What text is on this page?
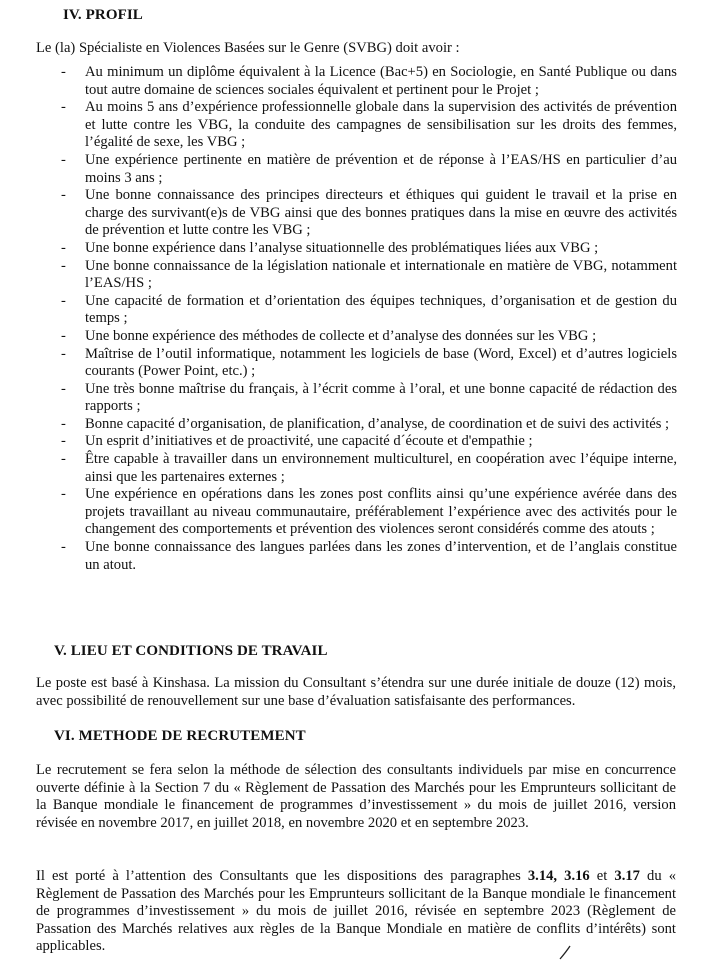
IV. PROFIL
Le (la) Spécialiste en Violences Basées sur le Genre (SVBG) doit avoir :
- Au minimum un diplôme équivalent à la Licence (Bac+5) en Sociologie, en Santé Publique ou dans tout autre domaine de sciences sociales équivalent et pertinent pour le Projet ;
- Au moins 5 ans d’expérience professionnelle globale dans la supervision des activités de prévention et lutte contre les VBG, la conduite des campagnes de sensibilisation sur les droits des femmes, l’égalité de sexe, les VBG ;
- Une expérience pertinente en matière de prévention et de réponse à l’EAS/HS en particulier d’au moins 3 ans ;
- Une bonne connaissance des principes directeurs et éthiques qui guident le travail et la prise en charge des survivant(e)s de VBG ainsi que des bonnes pratiques dans la mise en œuvre des activités de prévention et lutte contre les VBG ;
- Une bonne expérience dans l’analyse situationnelle des problématiques liées aux VBG ;
- Une bonne connaissance de la législation nationale et internationale en matière de VBG, notamment l’EAS/HS ;
- Une capacité de formation et d’orientation des équipes techniques, d’organisation et de gestion du temps ;
- Une bonne expérience des méthodes de collecte et d’analyse des données sur les VBG ;
- Maîtrise de l’outil informatique, notamment les logiciels de base (Word, Excel) et d’autres logiciels courants (Power Point, etc.) ;
- Une très bonne maîtrise du français, à l’écrit comme à l’oral, et une bonne capacité de rédaction des rapports ;
- Bonne capacité d’organisation, de planification, d’analyse, de coordination et de suivi des activités ;
- Un esprit d’initiatives et de proactivité, une capacité d´écoute et d'empathie ;
- Être capable à travailler dans un environnement multiculturel, en coopération avec l’équipe interne, ainsi que les partenaires externes ;
- Une expérience en opérations dans les zones post conflits ainsi qu’une expérience avérée dans des projets travaillant au niveau communautaire, préférablement l’expérience avec des activités pour le changement des comportements et prévention des violences seront considérés comme des atouts ;
- Une bonne connaissance des langues parlées dans les zones d’intervention, et de l’anglais constitue un atout.
V. LIEU ET CONDITIONS DE TRAVAIL
Le poste est basé à Kinshasa. La mission du Consultant s’étendra sur une durée initiale de douze (12) mois, avec possibilité de renouvellement sur une base d’évaluation satisfaisante des performances.
VI. METHODE DE RECRUTEMENT
Le recrutement se fera selon la méthode de sélection des consultants individuels par mise en concurrence ouverte définie à la Section 7 du « Règlement de Passation des Marchés pour les Emprunteurs sollicitant de la Banque mondiale le financement de programmes d’investissement » du mois de juillet 2016, version révisée en novembre 2017, en juillet 2018, en novembre 2020 et en septembre 2023.
Il est porté à l’attention des Consultants que les dispositions des paragraphes 3.14, 3.16 et 3.17 du « Règlement de Passation des Marchés pour les Emprunteurs sollicitant de la Banque mondiale le financement de programmes d’investissement » du mois de juillet 2016, révisée en septembre 2023 (Règlement de Passation des Marchés relatives aux règles de la Banque Mondiale en matière de conflits d’intérêts) sont applicables.
